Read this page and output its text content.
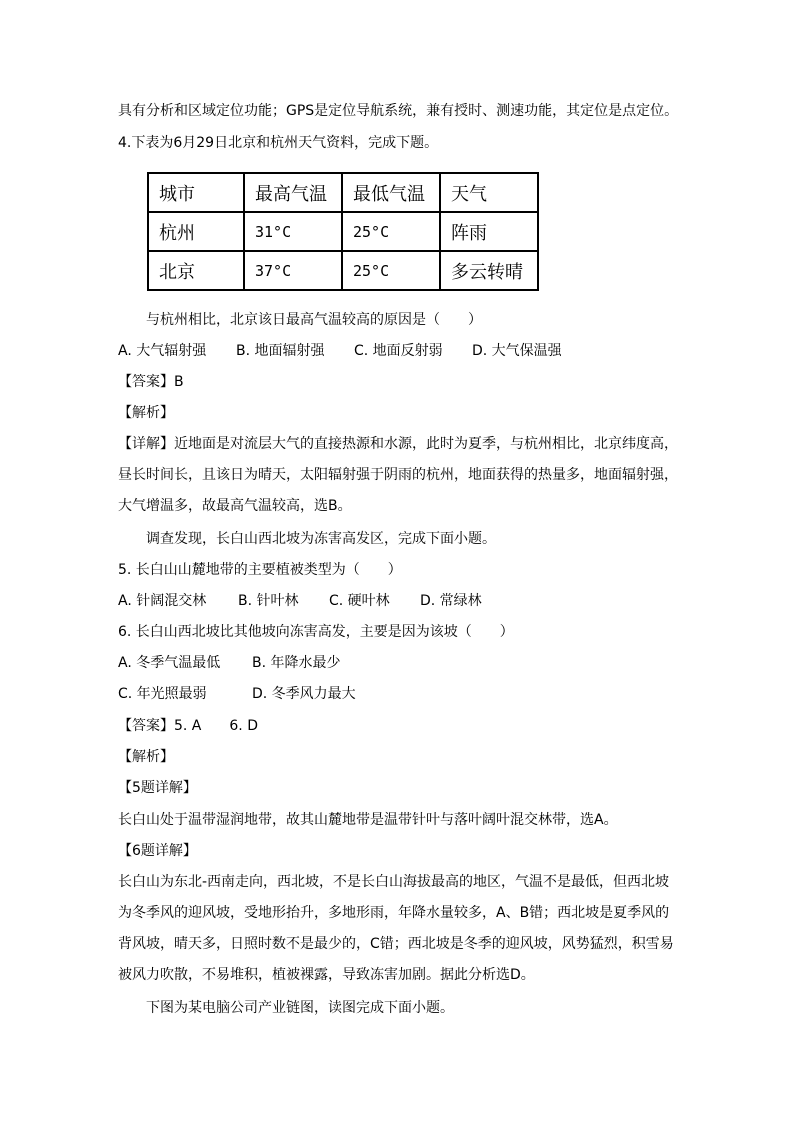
具有分析和区域定位功能；GPS是定位导航系统，兼有授时、测速功能，其定位是点定位。
4.下表为6月29日北京和杭州天气资料，完成下题。
城市	最高气温	最低气温	天气
杭州	31°C	25°C	阵雨
北京	37°C	25°C	多云转晴
与杭州相比，北京该日最高气温较高的原因是（　　）
A. 大气辐射强 B. 地面辐射强 C. 地面反射弱 D. 大气保温强
【答案】B
【解析】
【详解】近地面是对流层大气的直接热源和水源，此时为夏季，与杭州相比，北京纬度高，
昼长时间长，且该日为晴天，太阳辐射强于阴雨的杭州，地面获得的热量多，地面辐射强，
大气增温多，故最高气温较高，选B。
调查发现，长白山西北坡为冻害高发区，完成下面小题。
5. 长白山山麓地带的主要植被类型为（　　）
A. 针阔混交林 B. 针叶林 C. 硬叶林 D. 常绿林
6. 长白山西北坡比其他坡向冻害高发，主要是因为该坡（　　）
A. 冬季气温最低 B. 年降水最少
C. 年光照最弱	D. 冬季风力最大
【答案】5. A　　6. D
【解析】
【5题详解】
长白山处于温带湿润地带，故其山麓地带是温带针叶与落叶阔叶混交林带，选A。
【6题详解】
长白山为东北-西南走向，西北坡，不是长白山海拔最高的地区，气温不是最低，但西北坡
为冬季风的迎风坡，受地形抬升，多地形雨，年降水量较多，A、B错；西北坡是夏季风的
背风坡，晴天多，日照时数不是最少的，C错；西北坡是冬季的迎风坡，风势猛烈，积雪易
被风力吹散，不易堆积，植被裸露，导致冻害加剧。据此分析选D。
下图为某电脑公司产业链图，读图完成下面小题。
